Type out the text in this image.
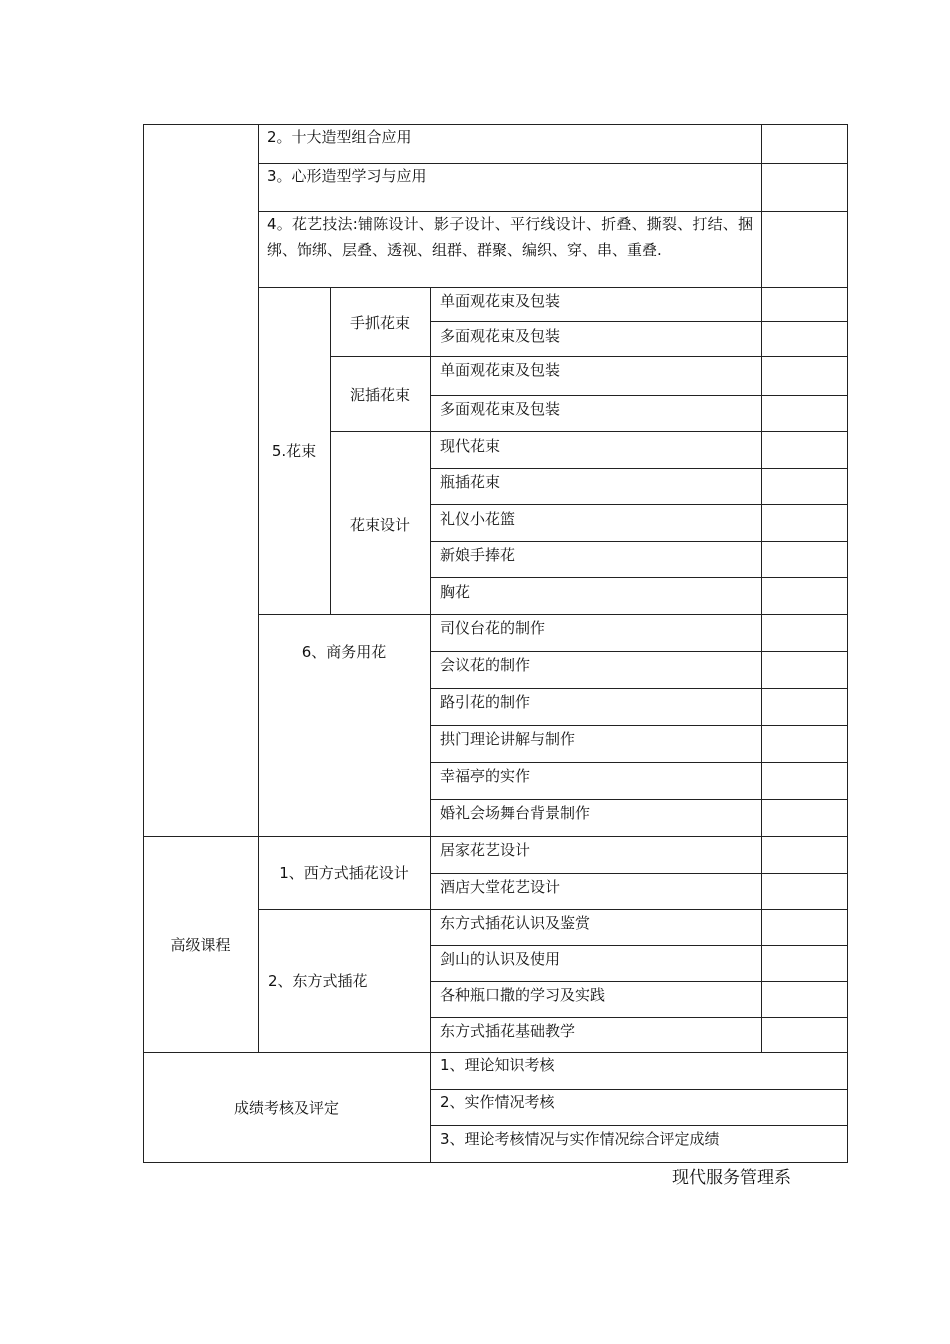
2。十大造型组合应用
3。心形造型学习与应用
4。花艺技法:铺陈设计、影子设计、平行线设计、折叠、撕裂、打结、捆绑、饰绑、层叠、透视、组群、群聚、编织、穿、串、重叠.
5.花束
手抓花束
单面观花束及包装
多面观花束及包装
泥插花束
单面观花束及包装
多面观花束及包装
花束设计
现代花束
瓶插花束
礼仪小花篮
新娘手捧花
胸花
6、商务用花
司仪台花的制作
会议花的制作
路引花的制作
拱门理论讲解与制作
幸福亭的实作
婚礼会场舞台背景制作
高级课程
1、西方式插花设计
居家花艺设计
酒店大堂花艺设计
2、东方式插花
东方式插花认识及鉴赏
剑山的认识及使用
各种瓶口撒的学习及实践
东方式插花基础教学
成绩考核及评定
1、理论知识考核
2、实作情况考核
3、理论考核情况与实作情况综合评定成绩
现代服务管理系
